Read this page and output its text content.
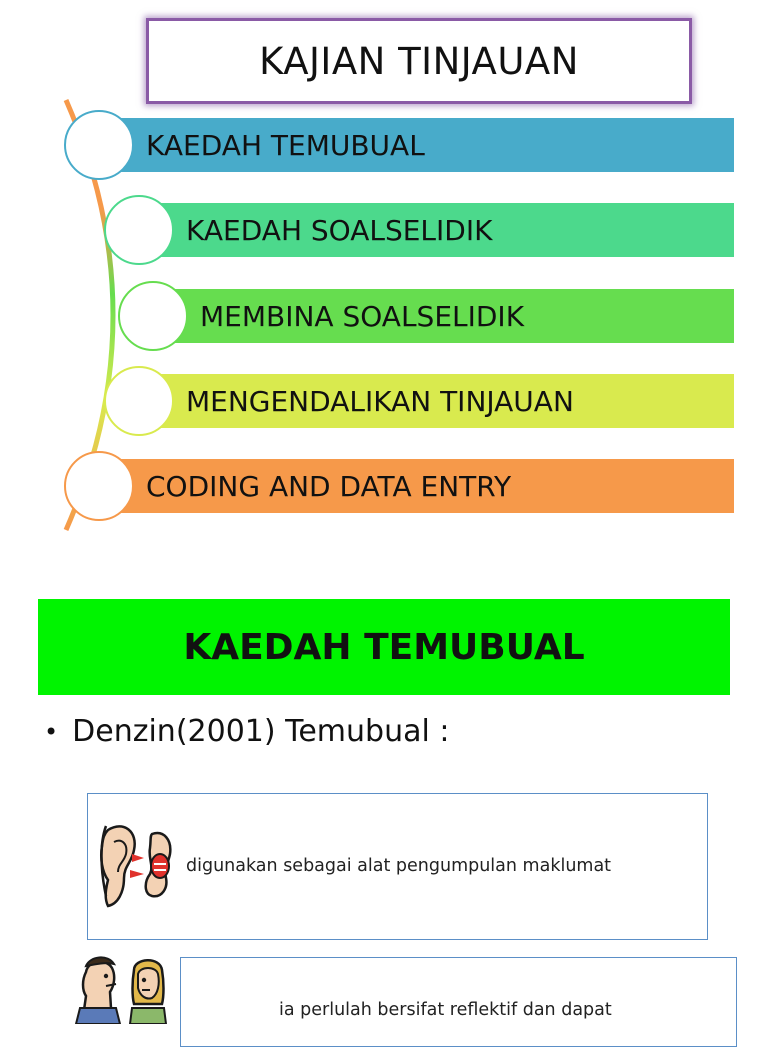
KAJIAN TINJAUAN
KAEDAH TEMUBUAL
KAEDAH SOALSELIDIK
MEMBINA SOALSELIDIK
MENGENDALIKAN TINJAUAN
CODING AND DATA ENTRY
KAEDAH TEMUBUAL
• Denzin(2001) Temubual :
digunakan sebagai alat pengumpulan maklumat
ia perlulah bersifat reflektif dan dapat
